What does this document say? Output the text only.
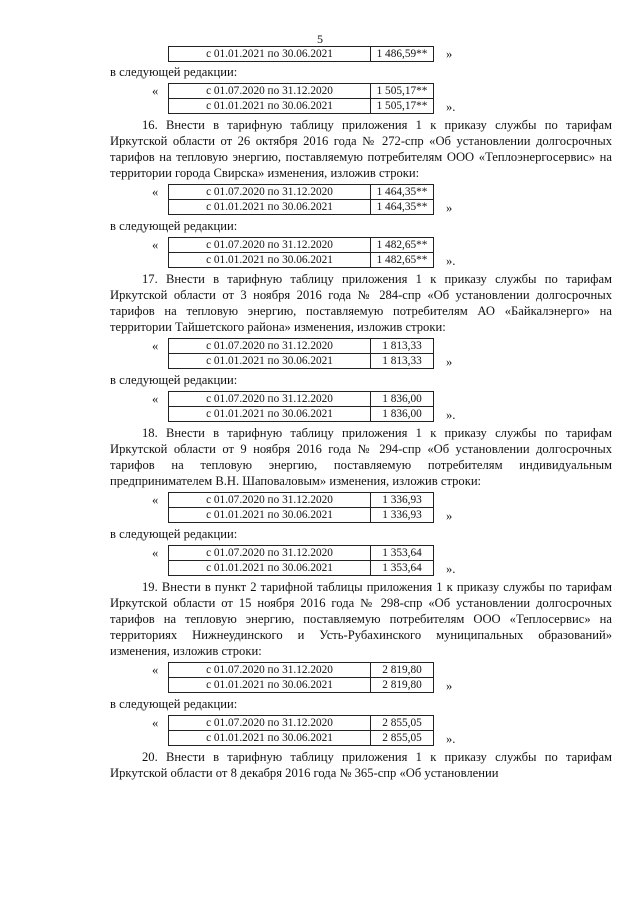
5
с 01.01.2021 по 30.06.2021	1 486,59** »

в следующей редакции:

«	с 01.07.2020 по 31.12.2020	1 505,17**
с 01.01.2021 по 30.06.2021	1 505,17** ».

16. Внести в тарифную таблицу приложения 1 к приказу службы по тарифам Иркутской области от 26 октября 2016 года № 272-спр «Об установлении долгосрочных тарифов на тепловую энергию, поставляемую потребителям ООО «Теплоэнергосервис» на территории города Свирска» изменения, изложив строки:

«	с 01.07.2020 по 31.12.2020	1 464,35**
с 01.01.2021 по 30.06.2021	1 464,35** »

в следующей редакции:

«	с 01.07.2020 по 31.12.2020	1 482,65**
с 01.01.2021 по 30.06.2021	1 482,65** ».

17. Внести в тарифную таблицу приложения 1 к приказу службы по тарифам Иркутской области от 3 ноября 2016 года № 284-спр «Об установлении долгосрочных тарифов на тепловую энергию, поставляемую потребителям АО «Байкалэнерго» на территории Тайшетского района» изменения, изложив строки:

«	с 01.07.2020 по 31.12.2020	1 813,33
с 01.01.2021 по 30.06.2021	1 813,33 »

в следующей редакции:

«	с 01.07.2020 по 31.12.2020	1 836,00
с 01.01.2021 по 30.06.2021	1 836,00 ».

18. Внести в тарифную таблицу приложения 1 к приказу службы по тарифам Иркутской области от 9 ноября 2016 года № 294-спр «Об установлении долгосрочных тарифов на тепловую энергию, поставляемую потребителям индивидуальным предпринимателем В.Н. Шаповаловым» изменения, изложив строки:

«	с 01.07.2020 по 31.12.2020	1 336,93
с 01.01.2021 по 30.06.2021	1 336,93 »

в следующей редакции:

«	с 01.07.2020 по 31.12.2020	1 353,64
с 01.01.2021 по 30.06.2021	1 353,64 ».

19. Внести в пункт 2 тарифной таблицы приложения 1 к приказу службы по тарифам Иркутской области от 15 ноября 2016 года № 298-спр «Об установлении долгосрочных тарифов на тепловую энергию, поставляемую потребителям ООО «Теплосервис» на территориях Нижнеудинского и Усть-Рубахинского муниципальных образований» изменения, изложив строки:

«	с 01.07.2020 по 31.12.2020	2 819,80
с 01.01.2021 по 30.06.2021	2 819,80 »

в следующей редакции:

«	с 01.07.2020 по 31.12.2020	2 855,05
с 01.01.2021 по 30.06.2021	2 855,05 ».

20. Внести в тарифную таблицу приложения 1 к приказу службы по тарифам Иркутской области от 8 декабря 2016 года № 365-спр «Об установлении
